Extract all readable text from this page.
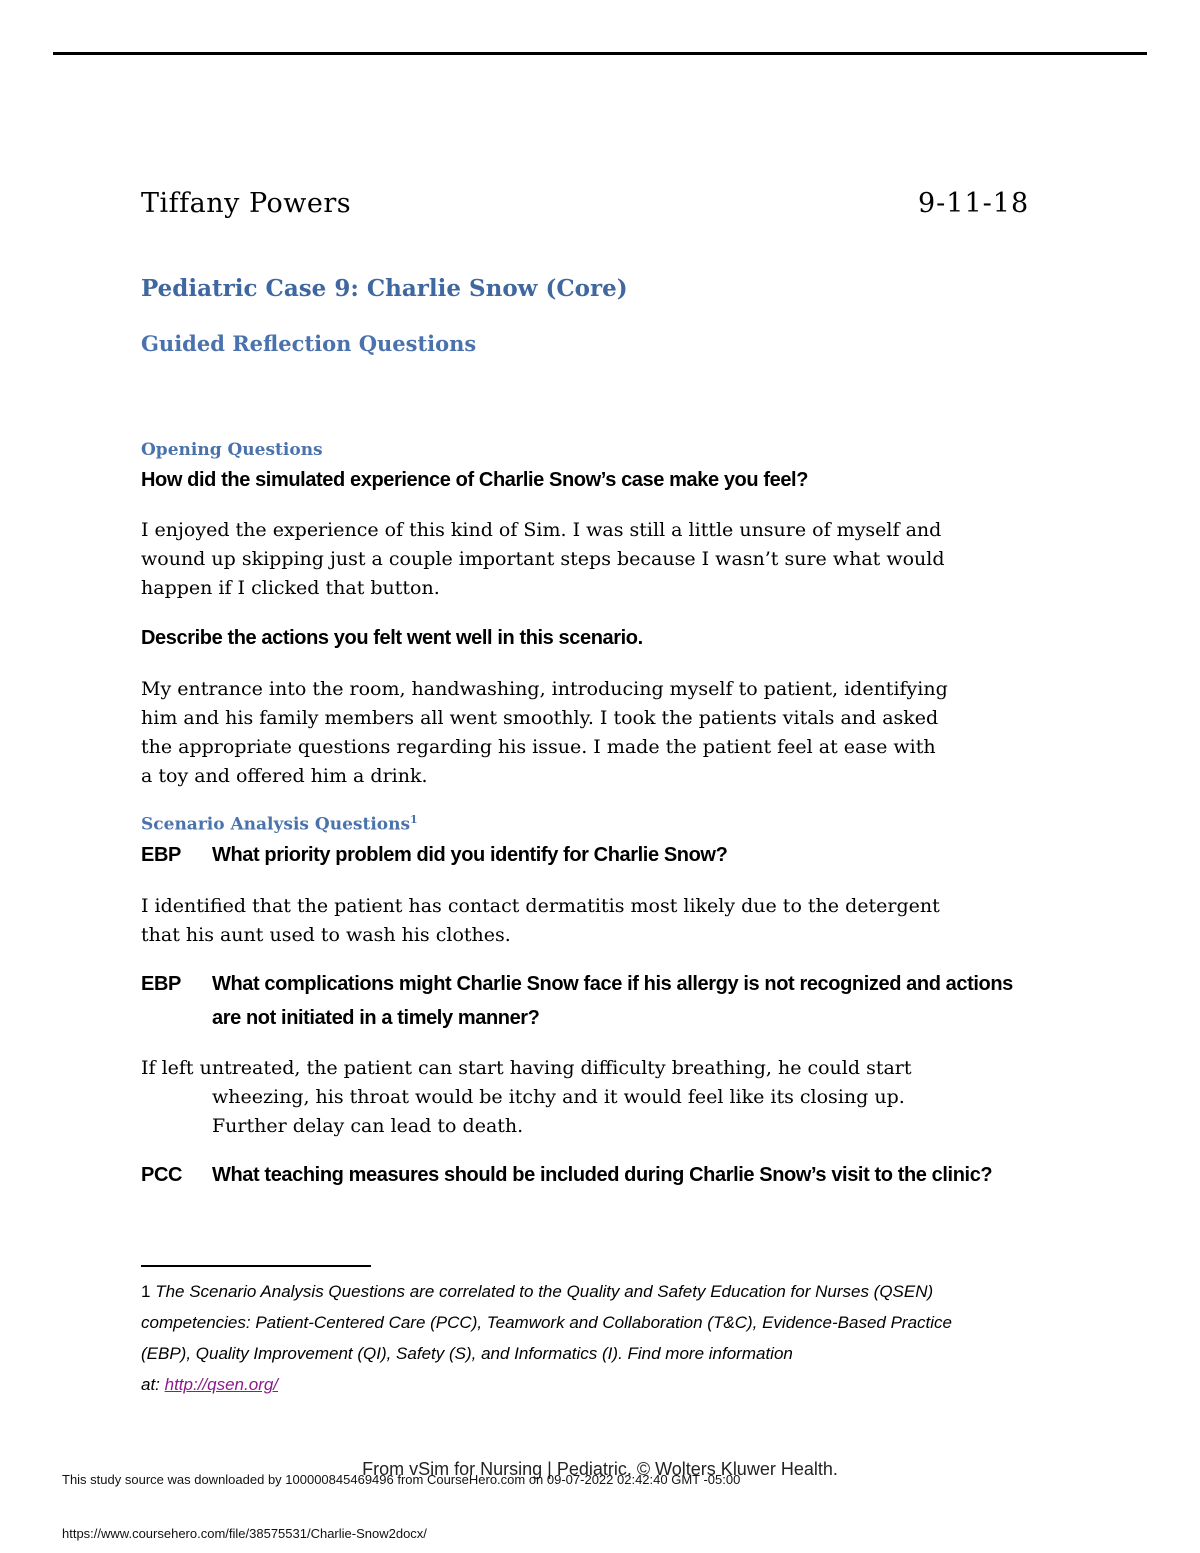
Tiffany Powers	9-11-18
Pediatric Case 9: Charlie Snow (Core)
Guided Reflection Questions
Opening Questions
How did the simulated experience of Charlie Snow’s case make you feel?
I enjoyed the experience of this kind of Sim. I was still a little unsure of myself and
wound up skipping just a couple important steps because I wasn’t sure what would
happen if I clicked that button.
Describe the actions you felt went well in this scenario.
My entrance into the room, handwashing, introducing myself to patient, identifying
him and his family members all went smoothly. I took the patients vitals and asked
the appropriate questions regarding his issue. I made the patient feel at ease with
a toy and offered him a drink.
Scenario Analysis Questions$^1$
EBP What priority problem did you identify for Charlie Snow?
I identified that the patient has contact dermatitis most likely due to the detergent
that his aunt used to wash his clothes.
EBP What complications might Charlie Snow face if his allergy is not recognized and actions
are not initiated in a timely manner?
If left untreated, the patient can start having difficulty breathing, he could start
wheezing, his throat would be itchy and it would feel like its closing up.
Further delay can lead to death.
PCC What teaching measures should be included during Charlie Snow’s visit to the clinic?
1 The Scenario Analysis Questions are correlated to the Quality and Safety Education for Nurses (QSEN)
competencies: Patient-Centered Care (PCC), Teamwork and Collaboration (T&C), Evidence-Based Practice
(EBP), Quality Improvement (QI), Safety (S), and Informatics (I). Find more information
at: http://qsen.org/
From vSim for Nursing | Pediatric. © Wolters Kluwer Health.
This study source was downloaded by 100000845469496 from CourseHero.com on 09-07-2022 02:42:40 GMT -05:00
https://www.coursehero.com/file/38575531/Charlie-Snow2docx/
